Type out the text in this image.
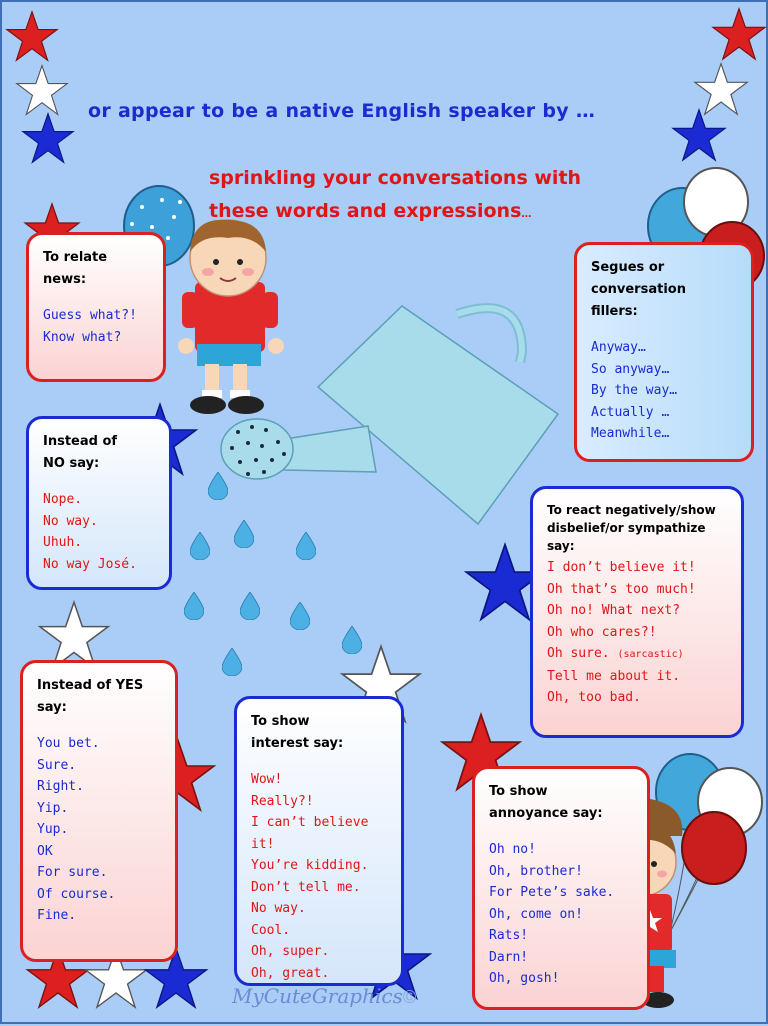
or appear to be a native English speaker by …
sprinkling your conversations with
these words and expressions…
To relate
news:
Guess what?!
Know what?
Instead of
NO say:
Nope.
No way.
Uhuh.
No way José.
Instead of YES
say:
You bet.
Sure.
Right.
Yip.
Yup.
OK
For sure.
Of course.
Fine.
To show
interest say:
Wow!
Really?!
I can’t believe it!
You’re kidding.
Don’t tell me.
No way.
Cool.
Oh, super.
Oh, great.
Segues or
conversation
fillers:
Anyway…
So anyway…
By the way…
Actually …
Meanwhile…
To react negatively/show
disbelief/or sympathize
say:
I don’t believe it!
Oh that’s too much!
Oh no! What next?
Oh who cares?!
Oh sure. (sarcastic)
Tell me about it.
Oh, too bad.
To show
annoyance say:
Oh no!
Oh, brother!
For Pete’s sake.
Oh, come on!
Rats!
Darn!
Oh, gosh!
MyCuteGraphics©
